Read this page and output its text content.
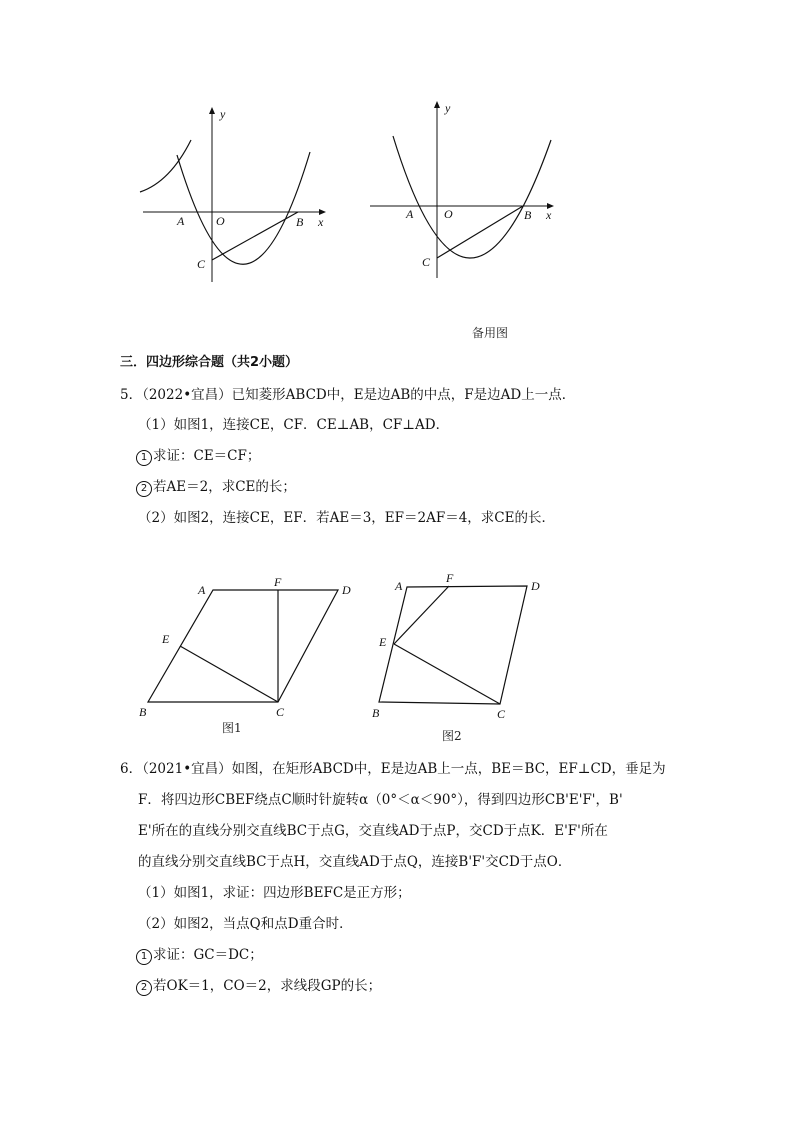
y
x
A	O	B
C
y
x
A	O	B
C
备用图
三．四边形综合题（共2小题）
5．（2022•宜昌）已知菱形ABCD中，E是边AB的中点，F是边AD上一点．
（1）如图1，连接CE，CF．CE⊥AB，CF⊥AD．
1 求证：CE＝CF；
2 若AE＝2，求CE的长；
（2）如图2，连接CE，EF．若AE＝3，EF＝2AF＝4，求CE的长．
A
F
D
E
B	C
图1
A
F
D
E
B	C
图2
6．（2021•宜昌）如图，在矩形ABCD中，E是边AB上一点，BE＝BC，EF⊥CD，垂足为
F．将四边形CBEF绕点C顺时针旋转α（0°＜α＜90°），得到四边形CB'E'F'，B'
E'所在的直线分别交直线BC于点G，交直线AD于点P，交CD于点K．E'F'所在
的直线分别交直线BC于点H，交直线AD于点Q，连接B'F'交CD于点O．
（1）如图1，求证：四边形BEFC是正方形；
（2）如图2，当点Q和点D重合时．
1 求证：GC＝DC；
2 若OK＝1，CO＝2，求线段GP的长；
